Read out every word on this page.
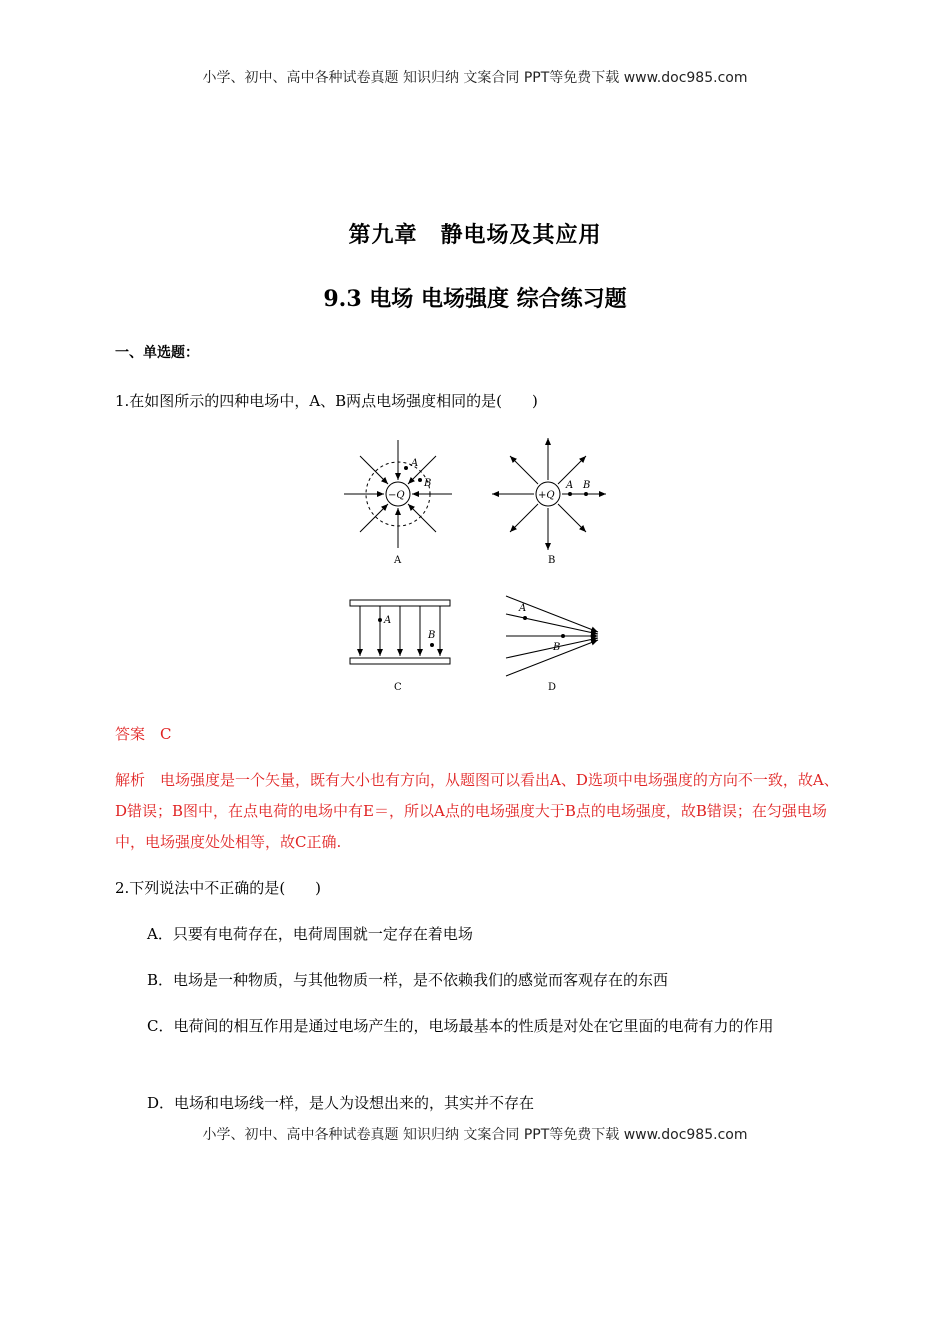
小学、初中、高中各种试卷真题 知识归纳 文案合同 PPT等免费下载 www.doc985.com
第九章　静电场及其应用
9.3 电场 电场强度 综合练习题
一、单选题：
1.在如图所示的四种电场中，A、B两点电场强度相同的是(　　)
A
B
−Q
A
A B
+Q
B
A
B
C
A
B
D
答案　C
解析　电场强度是一个矢量，既有大小也有方向，从题图可以看出A、D选项中电场强度的方向不一致，故A、D错误；B图中，在点电荷的电场中有E＝，所以A点的电场强度大于B点的电场强度，故B错误；在匀强电场中，电场强度处处相等，故C正确.
2.下列说法中不正确的是(　　)
A．只要有电荷存在，电荷周围就一定存在着电场
B．电场是一种物质，与其他物质一样，是不依赖我们的感觉而客观存在的东西
C．电荷间的相互作用是通过电场产生的，电场最基本的性质是对处在它里面的电荷有力的作用
D．电场和电场线一样，是人为设想出来的，其实并不存在
小学、初中、高中各种试卷真题 知识归纳 文案合同 PPT等免费下载 www.doc985.com
